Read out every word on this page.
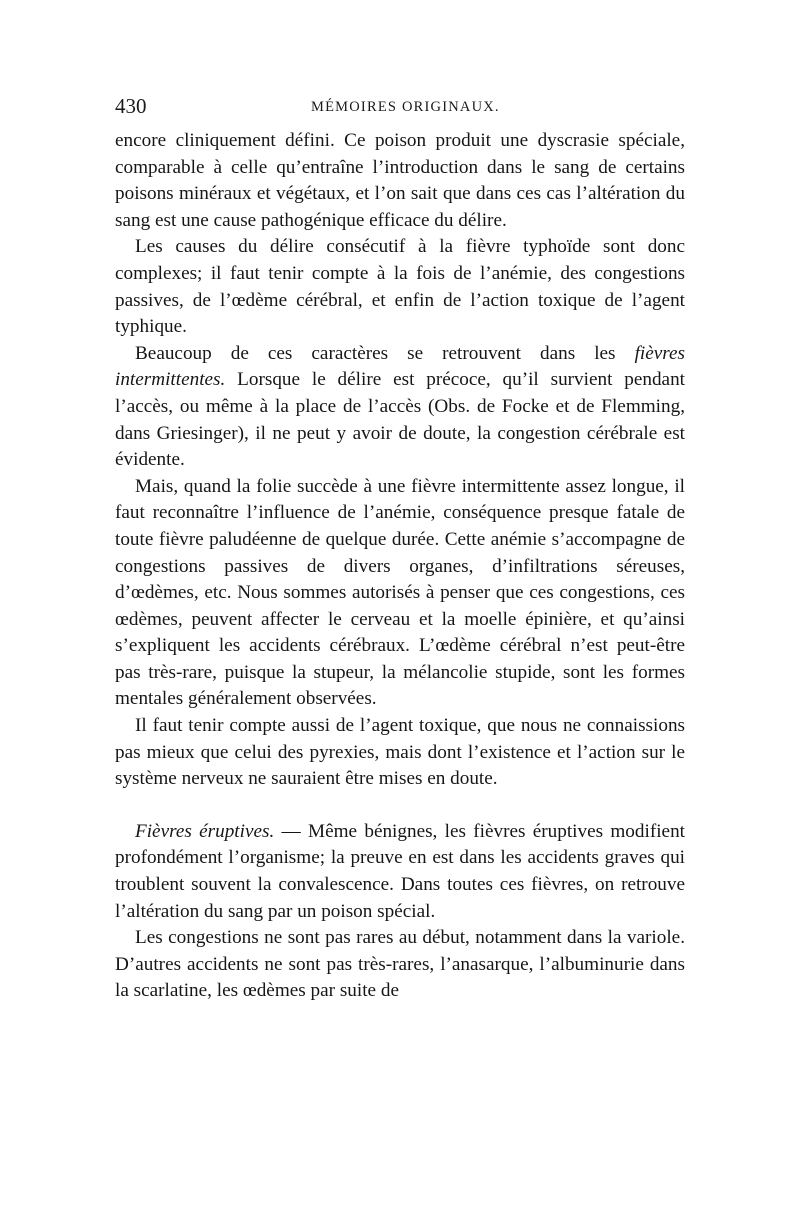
430	MÉMOIRES ORIGINAUX.

encore cliniquement défini. Ce poison produit une dyscrasie spéciale, comparable à celle qu’entraîne l’introduction dans le sang de certains poisons minéraux et végétaux, et l’on sait que dans ces cas l’altération du sang est une cause pathogénique efficace du délire.

Les causes du délire consécutif à la fièvre typhoïde sont donc complexes; il faut tenir compte à la fois de l’anémie, des congestions passives, de l’œdème cérébral, et enfin de l’action toxique de l’agent typhique.

Beaucoup de ces caractères se retrouvent dans les fièvres intermittentes. Lorsque le délire est précoce, qu’il survient pendant l’accès, ou même à la place de l’accès (Obs. de Focke et de Flemming, dans Griesinger), il ne peut y avoir de doute, la congestion cérébrale est évidente.

Mais, quand la folie succède à une fièvre intermittente assez longue, il faut reconnaître l’influence de l’anémie, conséquence presque fatale de toute fièvre paludéenne de quelque durée. Cette anémie s’accompagne de congestions passives de divers organes, d’infiltrations séreuses, d’œdèmes, etc. Nous sommes autorisés à penser que ces congestions, ces œdèmes, peuvent affecter le cerveau et la moelle épinière, et qu’ainsi s’expliquent les accidents cérébraux. L’œdème cérébral n’est peut-être pas très-rare, puisque la stupeur, la mélancolie stupide, sont les formes mentales généralement observées.

Il faut tenir compte aussi de l’agent toxique, que nous ne connaissions pas mieux que celui des pyrexies, mais dont l’existence et l’action sur le système nerveux ne sauraient être mises en doute.

Fièvres éruptives. — Même bénignes, les fièvres éruptives modifient profondément l’organisme; la preuve en est dans les accidents graves qui troublent souvent la convalescence. Dans toutes ces fièvres, on retrouve l’altération du sang par un poison spécial.

Les congestions ne sont pas rares au début, notamment dans la variole. D’autres accidents ne sont pas très-rares, l’anasarque, l’albuminurie dans la scarlatine, les œdèmes par suite de
